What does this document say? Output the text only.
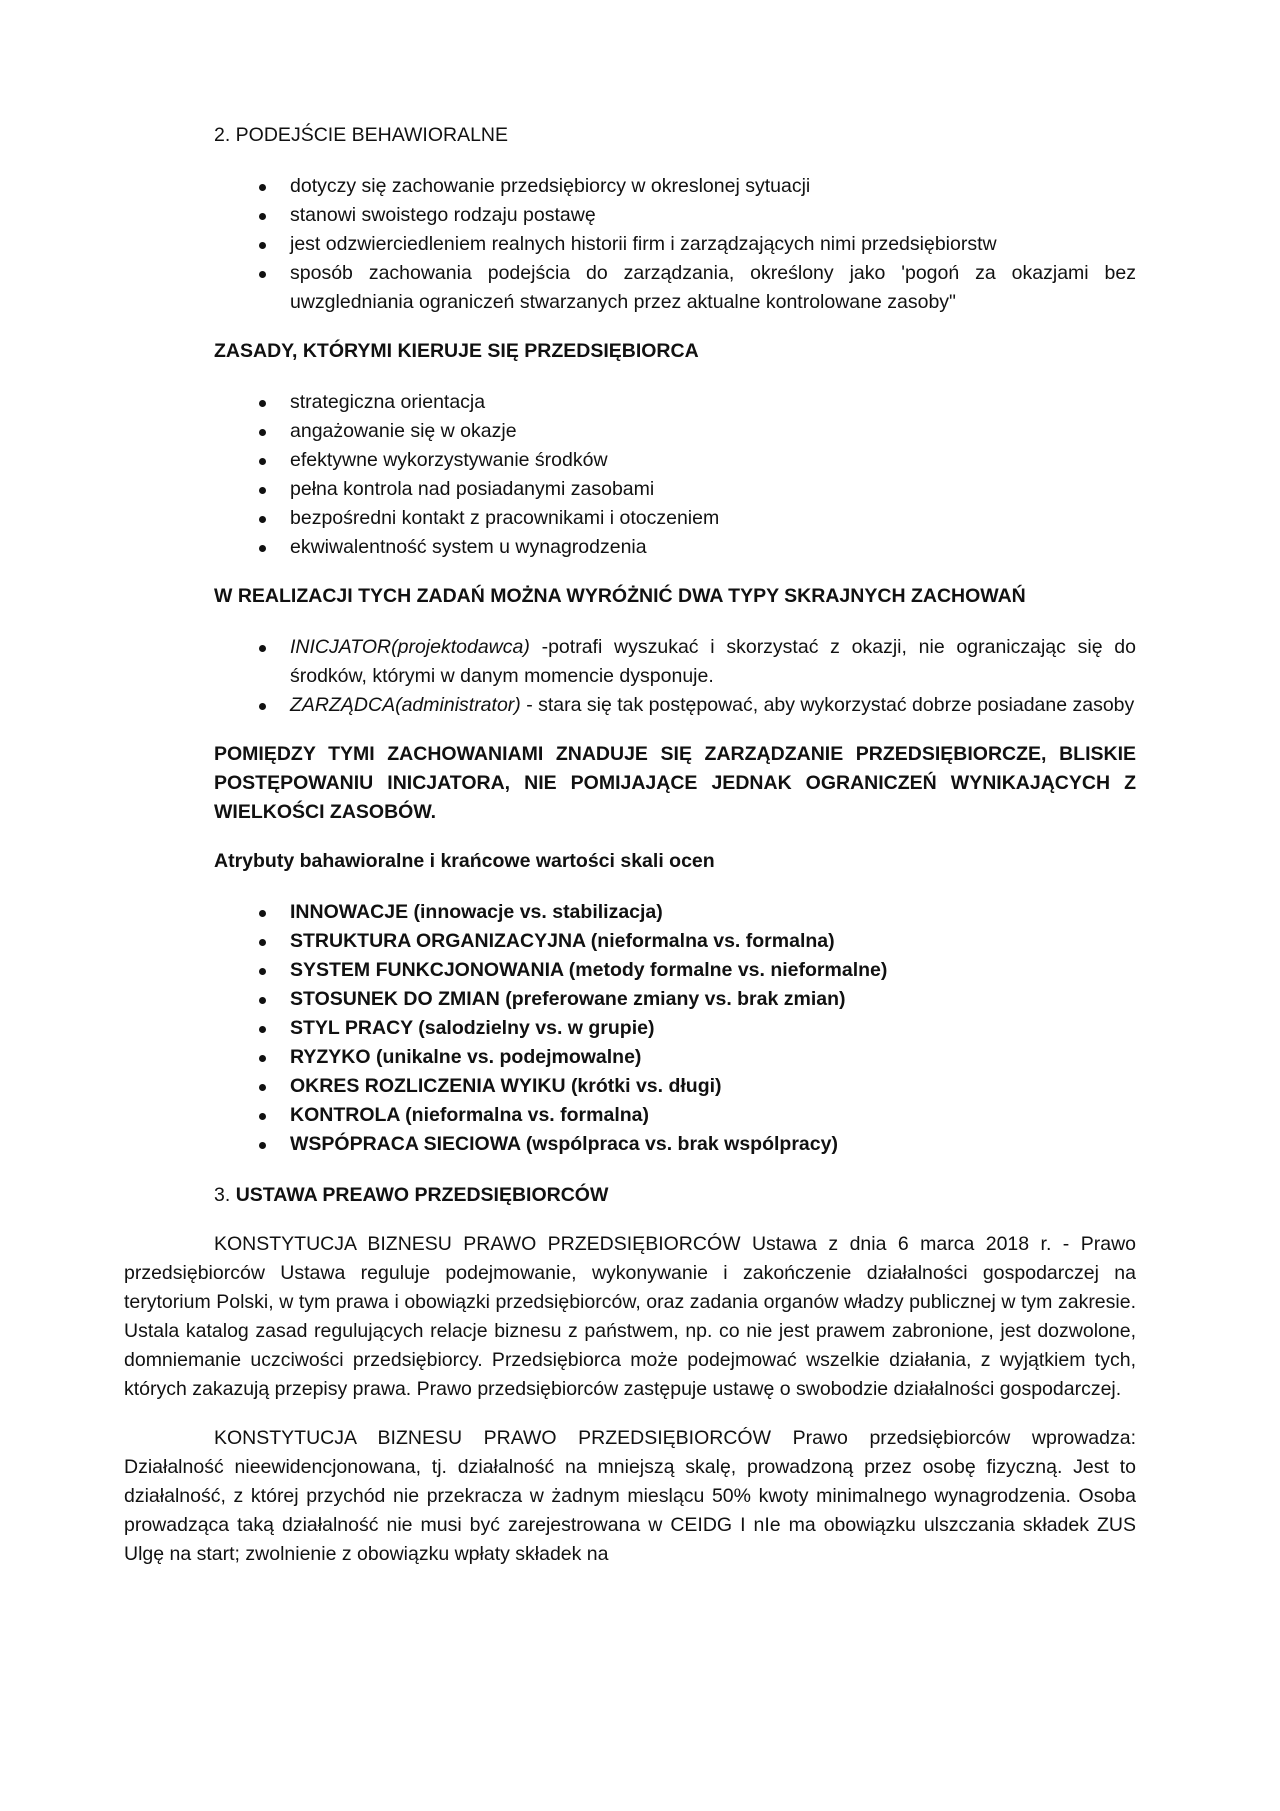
2. PODEJŚCIE BEHAWIORALNE

dotyczy się zachowanie przedsiębiorcy w okreslonej sytuacji
stanowi swoistego rodzaju postawę
jest odzwierciedleniem realnych historii firm i zarządzających nimi przedsiębiorstw
sposób zachowania podejścia do zarządzania, określony jako 'pogoń za okazjami bez uwzgledniania ograniczeń stwarzanych przez aktualne kontrolowane zasoby"

ZASADY, KTÓRYMI KIERUJE SIĘ PRZEDSIĘBIORCA

strategiczna orientacja
angażowanie się w okazje
efektywne wykorzystywanie środków
pełna kontrola nad posiadanymi zasobami
bezpośredni kontakt z pracownikami i otoczeniem
ekwiwalentność system u wynagrodzenia

W REALIZACJI TYCH ZADAŃ MOŻNA WYRÓŻNIĆ DWA TYPY SKRAJNYCH ZACHOWAŃ

INICJATOR(projektodawca) -potrafi wyszukać i skorzystać z okazji, nie ograniczając się do środków, którymi w danym momencie dysponuje.
ZARZĄDCA(administrator) - stara się tak postępować, aby wykorzystać dobrze posiadane zasoby

POMIĘDZY TYMI ZACHOWANIAMI ZNADUJE SIĘ ZARZĄDZANIE PRZEDSIĘBIORCZE, BLISKIE POSTĘPOWANIU INICJATORA, NIE POMIJAJĄCE JEDNAK OGRANICZEŃ WYNIKAJĄCYCH Z WIELKOŚCI ZASOBÓW.

Atrybuty bahawioralne i krańcowe wartości skali ocen

INNOWACJE (innowacje vs. stabilizacja)
STRUKTURA ORGANIZACYJNA (nieformalna vs. formalna)
SYSTEM FUNKCJONOWANIA (metody formalne vs. nieformalne)
STOSUNEK DO ZMIAN (preferowane zmiany vs. brak zmian)
STYL PRACY (salodzielny vs. w grupie)
RYZYKO (unikalne vs. podejmowalne)
OKRES ROZLICZENIA WYIKU (krótki vs. długi)
KONTROLA (nieformalna vs. formalna)
WSPÓPRACA SIECIOWA (wspólpraca vs. brak wspólpracy)

3. USTAWA PREAWO PRZEDSIĘBIORCÓW

KONSTYTUCJA BIZNESU PRAWO PRZEDSIĘBIORCÓW Ustawa z dnia 6 marca 2018 r. - Prawo przedsiębiorców Ustawa reguluje podejmowanie, wykonywanie i zakończenie działalności gospodarczej na terytorium Polski, w tym prawa i obowiązki przedsiębiorców, oraz zadania organów władzy publicznej w tym zakresie. Ustala katalog zasad regulujących relacje biznesu z państwem, np. co nie jest prawem zabronione, jest dozwolone, domniemanie uczciwości przedsiębiorcy. Przedsiębiorca może podejmować wszelkie działania, z wyjątkiem tych, których zakazują przepisy prawa. Prawo przedsiębiorców zastępuje ustawę o swobodzie działalności gospodarczej.

KONSTYTUCJA BIZNESU PRAWO PRZEDSIĘBIORCÓW Prawo przedsiębiorców wprowadza: Działalność nieewidencjonowana, tj. działalność na mniejszą skalę, prowadzoną przez osobę fizyczną. Jest to działalność, z której przychód nie przekracza w żadnym mieslącu 50% kwoty minimalnego wynagrodzenia. Osoba prowadząca taką działalność nie musi być zarejestrowana w CEIDG I nIe ma obowiązku ulszczania składek ZUS Ulgę na start; zwolnienie z obowiązku wpłaty składek na
